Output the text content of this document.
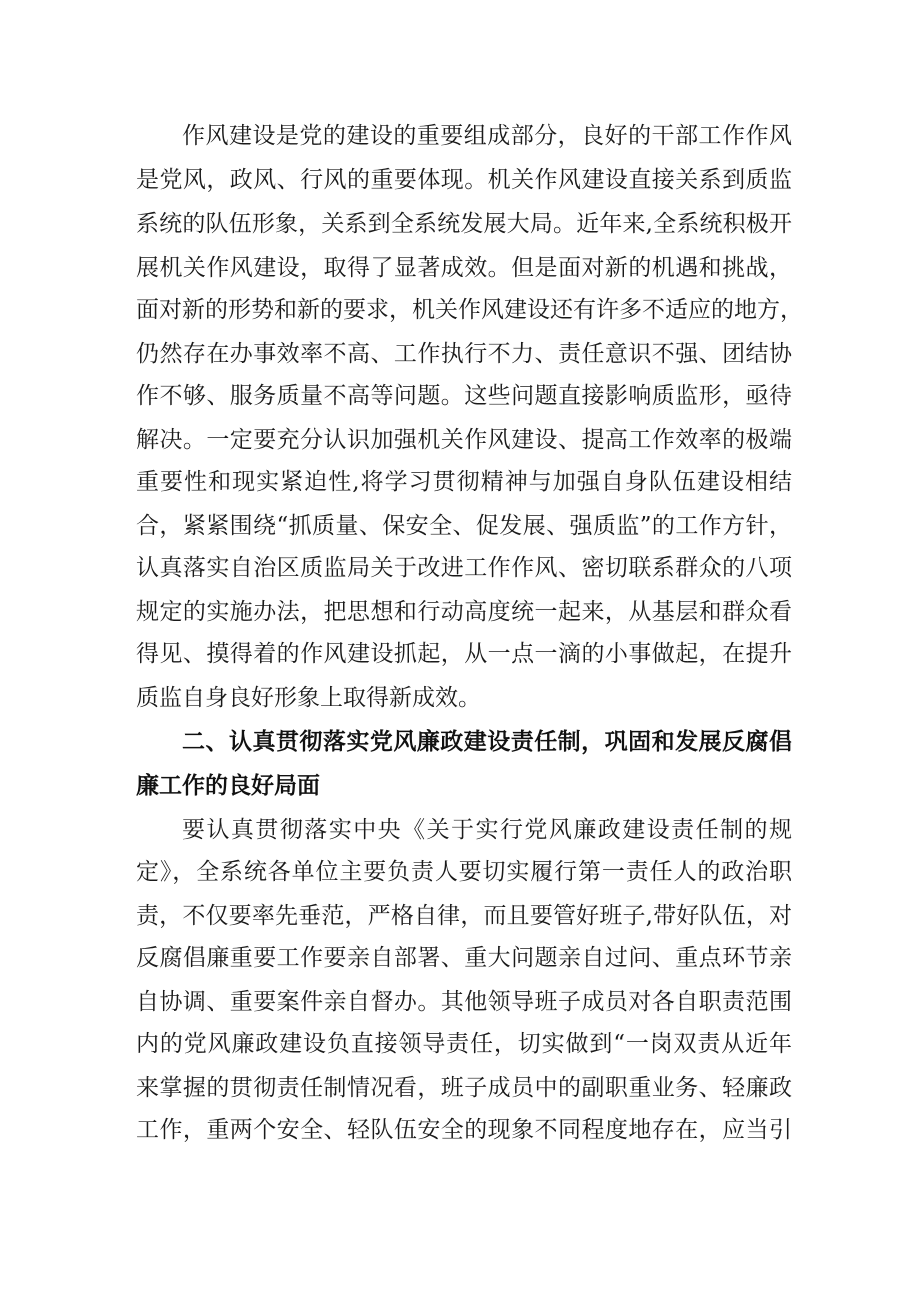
作风建设是党的建设的重要组成部分，良好的干部工作作风
是党风，政风、行风的重要体现。机关作风建设直接关系到质监
系统的队伍形象，关系到全系统发展大局。近年来,全系统积极开
展机关作风建设，取得了显著成效。但是面对新的机遇和挑战，
面对新的形势和新的要求，机关作风建设还有许多不适应的地方，
仍然存在办事效率不高、工作执行不力、责任意识不强、团结协
作不够、服务质量不高等问题。这些问题直接影响质监形，亟待
解决。一定要充分认识加强机关作风建设、提高工作效率的极端
重要性和现实紧迫性,将学习贯彻精神与加强自身队伍建设相结
合，紧紧围绕“抓质量、保安全、促发展、强质监”的工作方针，
认真落实自治区质监局关于改进工作作风、密切联系群众的八项
规定的实施办法，把思想和行动高度统一起来，从基层和群众看
得见、摸得着的作风建设抓起，从一点一滴的小事做起，在提升
质监自身良好形象上取得新成效。
二、认真贯彻落实党风廉政建设责任制，巩固和发展反腐倡
廉工作的良好局面
要认真贯彻落实中央《关于实行党风廉政建设责任制的规
定》，全系统各单位主要负责人要切实履行第一责任人的政治职
责，不仅要率先垂范，严格自律，而且要管好班子,带好队伍，对
反腐倡廉重要工作要亲自部署、重大问题亲自过问、重点环节亲
自协调、重要案件亲自督办。其他领导班子成员对各自职责范围
内的党风廉政建设负直接领导责任，切实做到“一岗双责从近年
来掌握的贯彻责任制情况看，班子成员中的副职重业务、轻廉政
工作，重两个安全、轻队伍安全的现象不同程度地存在，应当引
